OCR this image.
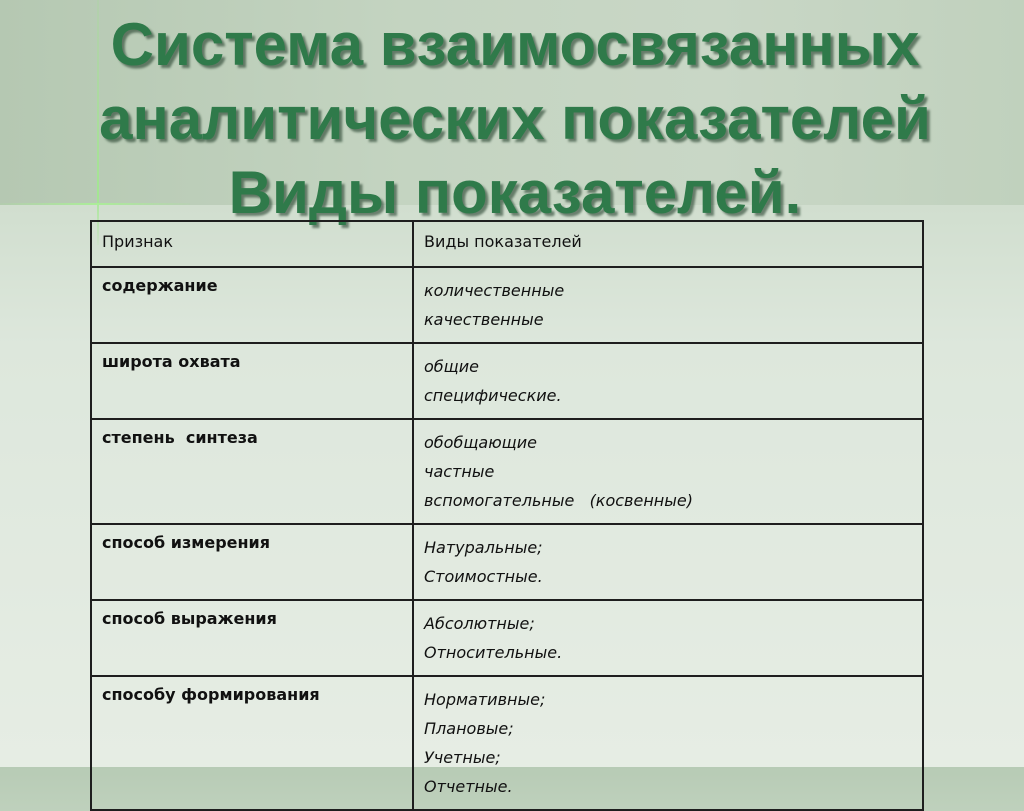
Система взаимосвязанных
аналитических показателей
Виды показателей.
Признак	Виды показателей
содержание	количественные
качественные

широта охвата	общие
специфические.

степень  синтеза	обобщающие
частные
вспомогательные   (косвенные)

способ измерения	Натуральные;
Стоимостные.

способ выражения	Абсолютные;
Относительные.

способу формирования	Нормативные;
Плановые;
Учетные;
Отчетные.
